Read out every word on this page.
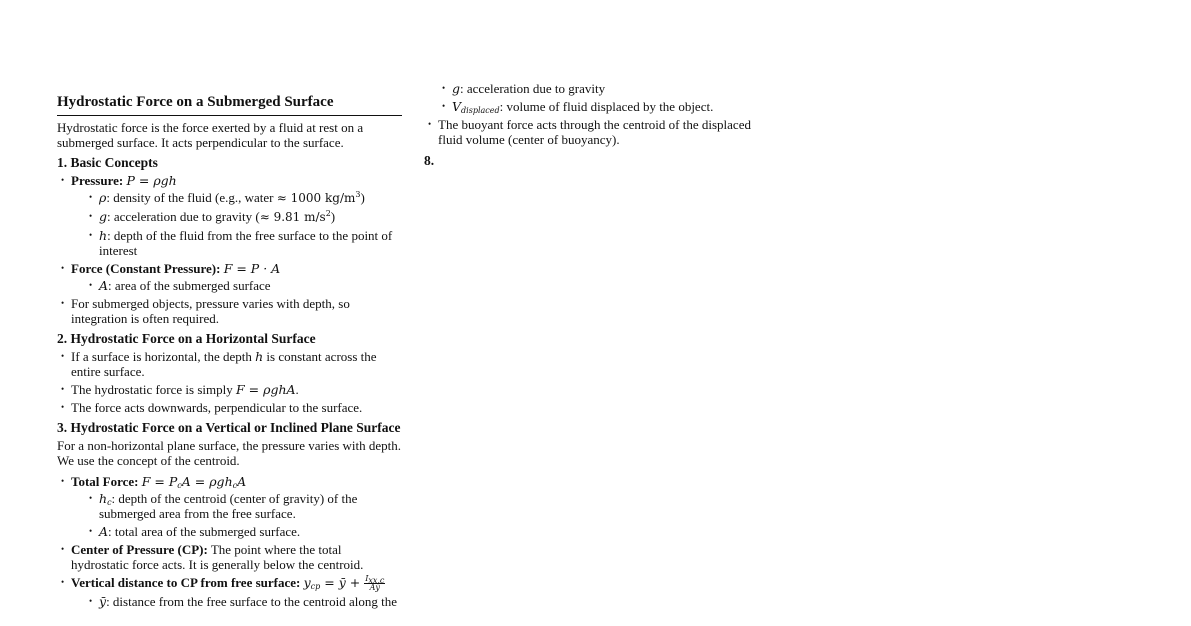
Hydrostatic Force on a Submerged Surface

Hydrostatic force is the force exerted by a fluid at rest on a submerged surface. It acts perpendicular to the surface.

1. Basic Concepts
• Pressure: P = ρgh
• ρ: density of the fluid (e.g., water ≈ 1000 $kg/m^3$)
• g: acceleration due to gravity (≈ 9.81 $m/s^2$)
• h: depth of the fluid from the free surface to the point of interest
• Force (Constant Pressure): F = P · A
• A: area of the submerged surface
• For submerged objects, pressure varies with depth, so integration is often required.
2. Hydrostatic Force on a Horizontal Surface
• If a surface is horizontal, the depth h is constant across the entire surface.
• The hydrostatic force is simply F = ρghA.
• The force acts downwards, perpendicular to the surface.
3. Hydrostatic Force on a Vertical or Inclined Plane Surface

For a non-horizontal plane surface, the pressure varies with depth. We use the concept of the centroid.

• Total Force: $F = P_cA = \rho gh_cA$
• $h_c$: depth of the centroid (center of gravity) of the submerged area from the free surface.
• A: total area of the submerged surface.
• Center of Pressure (CP): The point where the total hydrostatic force acts. It is generally below the centroid.
• Vertical distance to CP from free surface: $y_{cp}$ = ȳ + $\frac{I_{xx,c}}{Aȳ}$
• ȳ: distance from the free surface to the centroid along the
• g: acceleration due to gravity
• $V_{displaced}$: volume of fluid displaced by the object.
• The buoyant force acts through the centroid of the displaced fluid volume (center of buoyancy).
8.
